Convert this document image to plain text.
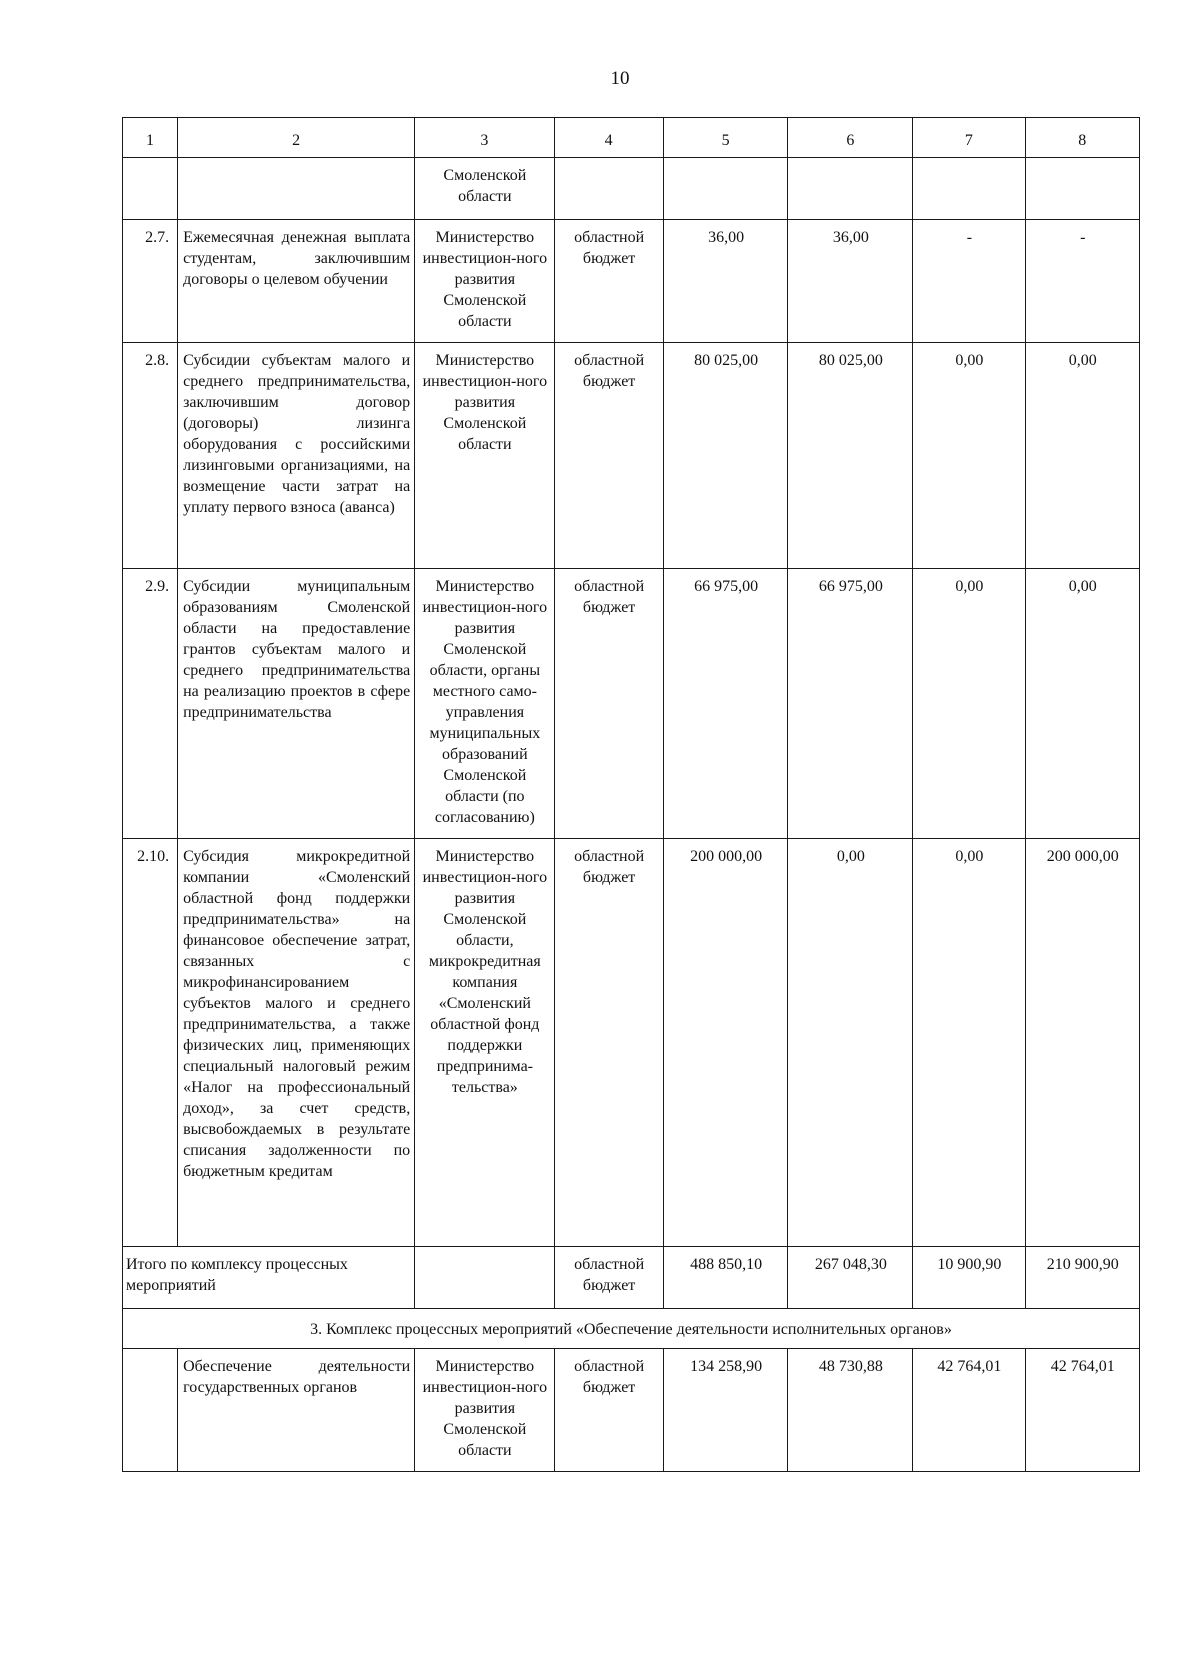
10
1	2	3	4	5	6	7	8
		Смоленской области					
2.7.	Ежемесячная денежная выплата студентам, заключившим договоры о целевом обучении	Министерство инвестицион-ного развития Смоленской области	областной бюджет	36,00	36,00	-	-
2.8.	Субсидии субъектам малого и среднего предпринимательства, заключившим договор (договоры) лизинга оборудования с российскими лизинговыми организациями, на возмещение части затрат на уплату первого взноса (аванса)	Министерство инвестицион-ного развития Смоленской области	областной бюджет	80 025,00	80 025,00	0,00	0,00
2.9.	Субсидии муниципальным образованиям Смоленской области на предоставление грантов субъектам малого и среднего предпринимательства на реализацию проектов в сфере предпринимательства	Министерство инвестицион-ного развития Смоленской области, органы местного само-управления муниципальных образований Смоленской области (по согласованию)	областной бюджет	66 975,00	66 975,00	0,00	0,00
2.10.	Субсидия микрокредитной компании «Смоленский областной фонд поддержки предпринимательства» на финансовое обеспечение затрат, связанных с микрофинансированием субъектов малого и среднего предпринимательства, а также физических лиц, применяющих специальный налоговый режим «Налог на профессиональный доход», за счет средств, высвобождаемых в результате списания задолженности по бюджетным кредитам	Министерство инвестицион-ного развития Смоленской области, микрокредитная компания «Смоленский областной фонд поддержки предпринима-тельства»	областной бюджет	200 000,00	0,00	0,00	200 000,00
Итого по комплексу процессных мероприятий			областной бюджет	488 850,10	267 048,30	10 900,90	210 900,90
3. Комплекс процессных мероприятий «Обеспечение деятельности исполнительных органов»							
	Обеспечение деятельности государственных органов	Министерство инвестицион-ного развития Смоленской области	областной бюджет	134 258,90	48 730,88	42 764,01	42 764,01
